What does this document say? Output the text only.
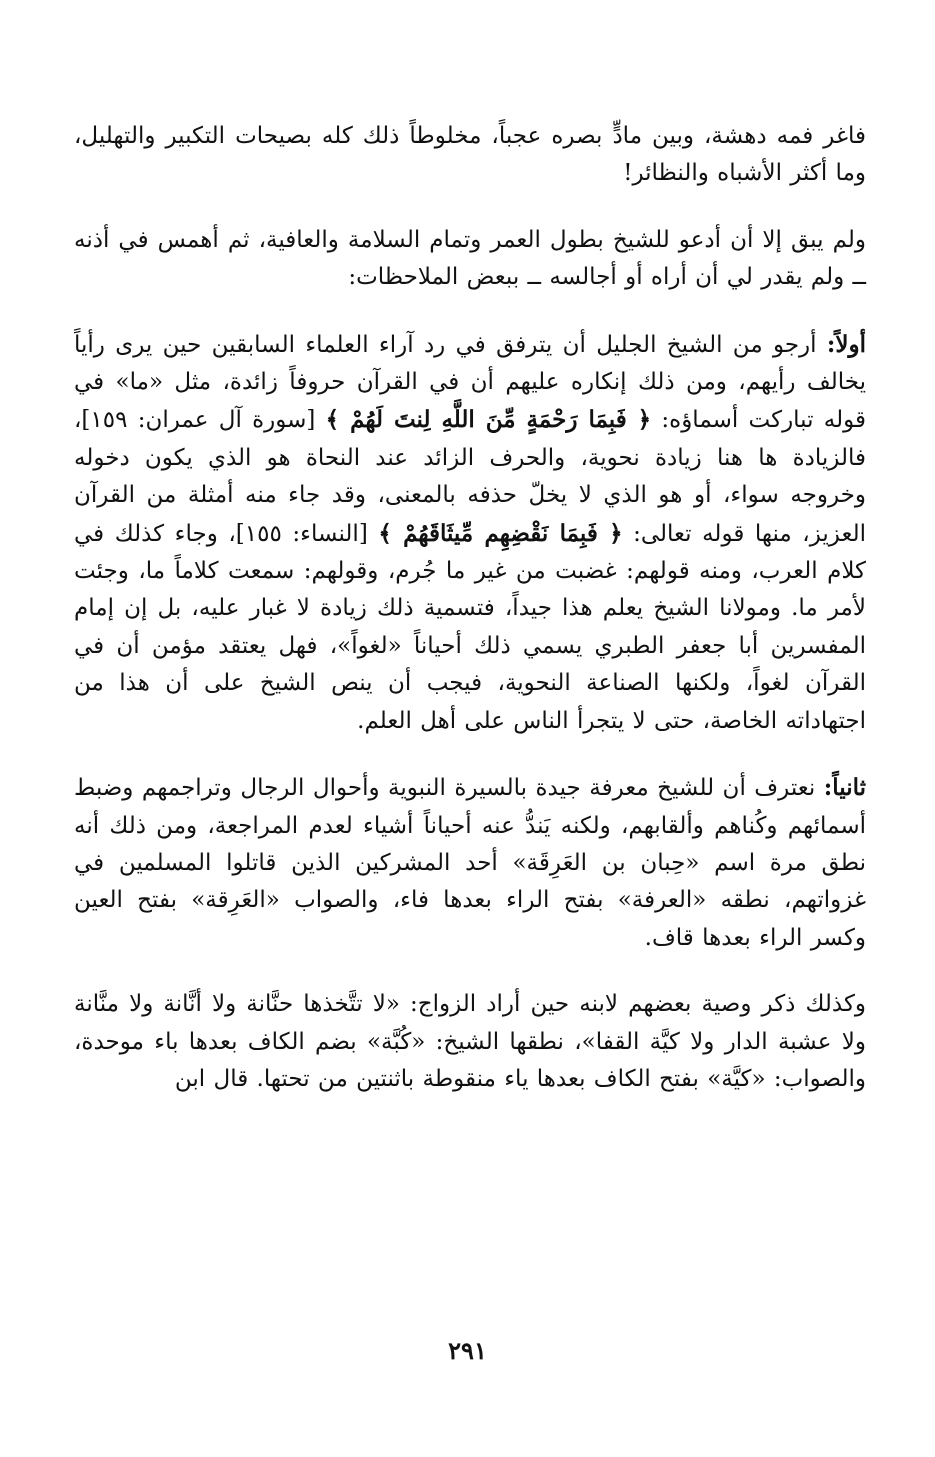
فاغر فمه دهشة، وبين مادٍّ بصره عجباً، مخلوطاً ذلك كله بصيحات التكبير والتهليل، وما أكثر الأشباه والنظائر!

ولم يبق إلا أن أدعو للشيخ بطول العمر وتمام السلامة والعافية، ثم أهمس في أذنه ــ ولم يقدر لي أن أراه أو أجالسه ــ ببعض الملاحظات:

أولاً: أرجو من الشيخ الجليل أن يترفق في رد آراء العلماء السابقين حين يرى رأياً يخالف رأيهم، ومن ذلك إنكاره عليهم أن في القرآن حروفاً زائدة، مثل «ما» في قوله تباركت أسماؤه: ﴿ فَبِمَا رَحْمَةٍ مِّنَ اللَّهِ لِنتَ لَهُمْ ﴾ [سورة آل عمران: ١٥٩]، فالزيادة ها هنا زيادة نحوية، والحرف الزائد عند النحاة هو الذي يكون دخوله وخروجه سواء، أو هو الذي لا يخلّ حذفه بالمعنى، وقد جاء منه أمثلة من القرآن العزيز، منها قوله تعالى: ﴿ فَبِمَا نَقْضِهِم مِّيثَاقَهُمْ ﴾ [النساء: ١٥٥]، وجاء كذلك في كلام العرب، ومنه قولهم: غضبت من غير ما جُرم، وقولهم: سمعت كلاماً ما، وجئت لأمر ما. ومولانا الشيخ يعلم هذا جيداً، فتسمية ذلك زيادة لا غبار عليه، بل إن إمام المفسرين أبا جعفر الطبري يسمي ذلك أحياناً «لغواً»، فهل يعتقد مؤمن أن في القرآن لغواً، ولكنها الصناعة النحوية، فيجب أن ينص الشيخ على أن هذا من اجتهاداته الخاصة، حتى لا يتجرأ الناس على أهل العلم.

ثانياً: نعترف أن للشيخ معرفة جيدة بالسيرة النبوية وأحوال الرجال وتراجمهم وضبط أسمائهم وكُناهم وألقابهم، ولكنه يَندُّ عنه أحياناً أشياء لعدم المراجعة، ومن ذلك أنه نطق مرة اسم «حِبان بن العَرِقَة» أحد المشركين الذين قاتلوا المسلمين في غزواتهم، نطقه «العرفة» بفتح الراء بعدها فاء، والصواب «العَرِقة» بفتح العين وكسر الراء بعدها قاف.

وكذلك ذكر وصية بعضهم لابنه حين أراد الزواج: «لا تتَّخذها حنَّانة ولا أنَّانة ولا منَّانة ولا عشبة الدار ولا كيَّة القفا»، نطقها الشيخ: «كُبَّة» بضم الكاف بعدها باء موحدة، والصواب: «كيَّة» بفتح الكاف بعدها ياء منقوطة باثنتين من تحتها. قال ابن

٢٩١
